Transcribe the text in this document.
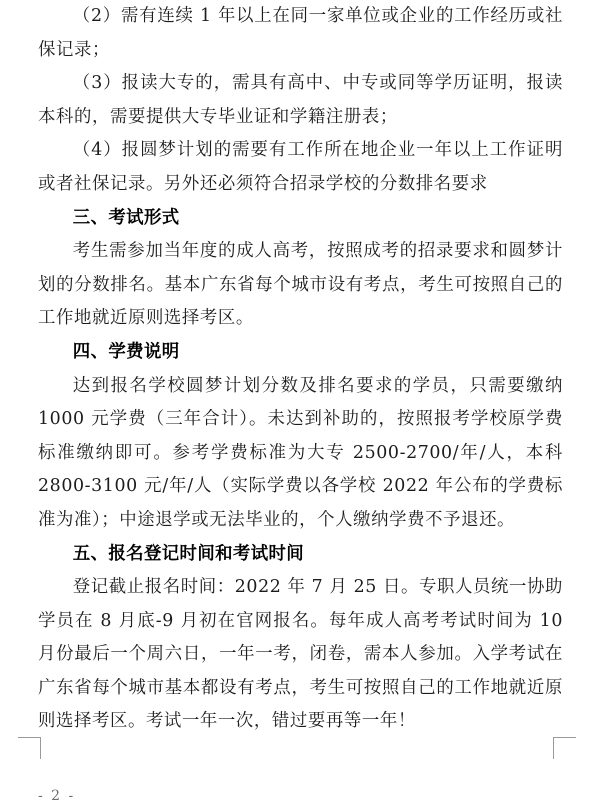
（2）需有连续 1 年以上在同一家单位或企业的工作经历或社保记录；

（3）报读大专的，需具有高中、中专或同等学历证明，报读本科的，需要提供大专毕业证和学籍注册表；

（4）报圆梦计划的需要有工作所在地企业一年以上工作证明或者社保记录。另外还必须符合招录学校的分数排名要求

三、考试形式

考生需参加当年度的成人高考，按照成考的招录要求和圆梦计划的分数排名。基本广东省每个城市设有考点，考生可按照自己的工作地就近原则选择考区。

四、学费说明

达到报名学校圆梦计划分数及排名要求的学员，只需要缴纳 1000 元学费（三年合计）。未达到补助的，按照报考学校原学费标准缴纳即可。参考学费标准为大专 2500-2700/年/人，本科 2800-3100 元/年/人（实际学费以各学校 2022 年公布的学费标准为准）；中途退学或无法毕业的，个人缴纳学费不予退还。

五、报名登记时间和考试时间

登记截止报名时间：2022 年 7 月 25 日。专职人员统一协助学员在 8 月底-9 月初在官网报名。每年成人高考考试时间为 10 月份最后一个周六日，一年一考，闭卷，需本人参加。入学考试在广东省每个城市基本都设有考点，考生可按照自己的工作地就近原则选择考区。考试一年一次，错过要再等一年！

- 2 -
